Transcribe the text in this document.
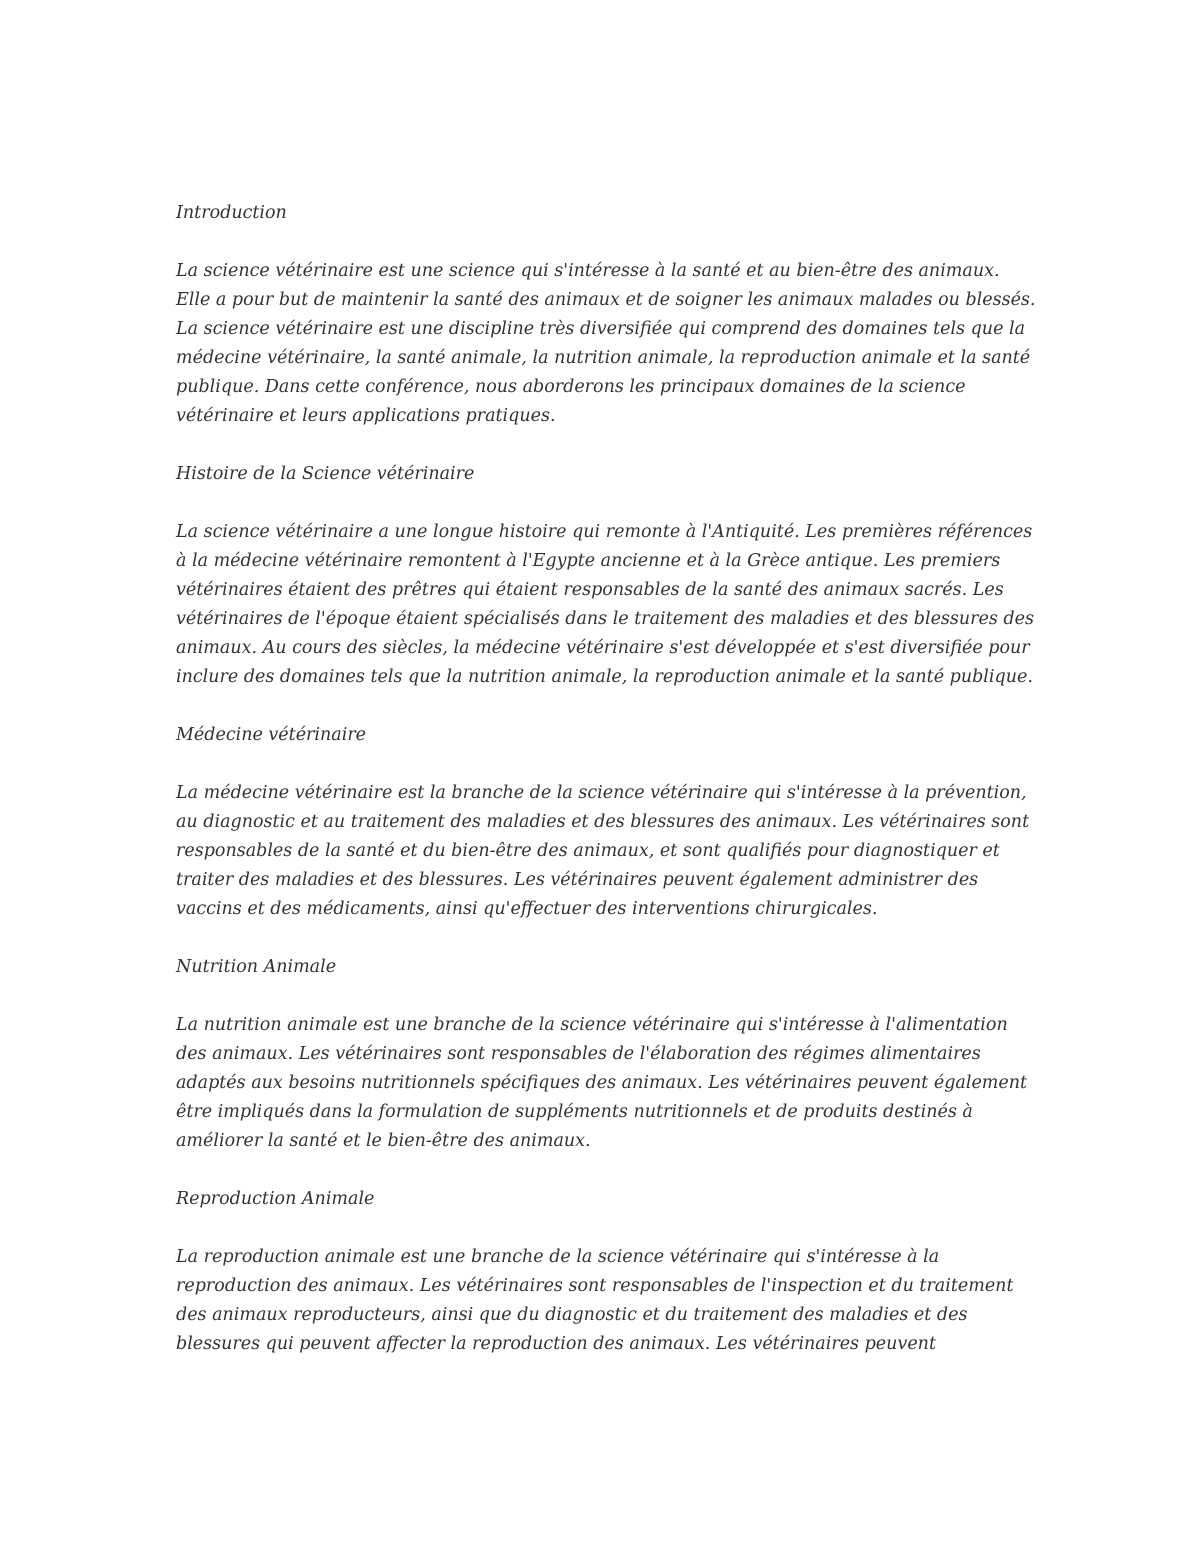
Introduction

La science vétérinaire est une science qui s'intéresse à la santé et au bien-être des animaux. Elle a pour but de maintenir la santé des animaux et de soigner les animaux malades ou blessés. La science vétérinaire est une discipline très diversifiée qui comprend des domaines tels que la médecine vétérinaire, la santé animale, la nutrition animale, la reproduction animale et la santé publique. Dans cette conférence, nous aborderons les principaux domaines de la science vétérinaire et leurs applications pratiques.

Histoire de la Science vétérinaire

La science vétérinaire a une longue histoire qui remonte à l'Antiquité. Les premières références à la médecine vétérinaire remontent à l'Egypte ancienne et à la Grèce antique. Les premiers vétérinaires étaient des prêtres qui étaient responsables de la santé des animaux sacrés. Les vétérinaires de l'époque étaient spécialisés dans le traitement des maladies et des blessures des animaux. Au cours des siècles, la médecine vétérinaire s'est développée et s'est diversifiée pour inclure des domaines tels que la nutrition animale, la reproduction animale et la santé publique.

Médecine vétérinaire

La médecine vétérinaire est la branche de la science vétérinaire qui s'intéresse à la prévention, au diagnostic et au traitement des maladies et des blessures des animaux. Les vétérinaires sont responsables de la santé et du bien-être des animaux, et sont qualifiés pour diagnostiquer et traiter des maladies et des blessures. Les vétérinaires peuvent également administrer des vaccins et des médicaments, ainsi qu'effectuer des interventions chirurgicales.

Nutrition Animale

La nutrition animale est une branche de la science vétérinaire qui s'intéresse à l'alimentation des animaux. Les vétérinaires sont responsables de l'élaboration des régimes alimentaires adaptés aux besoins nutritionnels spécifiques des animaux. Les vétérinaires peuvent également être impliqués dans la formulation de suppléments nutritionnels et de produits destinés à améliorer la santé et le bien-être des animaux.

Reproduction Animale

La reproduction animale est une branche de la science vétérinaire qui s'intéresse à la reproduction des animaux. Les vétérinaires sont responsables de l'inspection et du traitement des animaux reproducteurs, ainsi que du diagnostic et du traitement des maladies et des blessures qui peuvent affecter la reproduction des animaux. Les vétérinaires peuvent
